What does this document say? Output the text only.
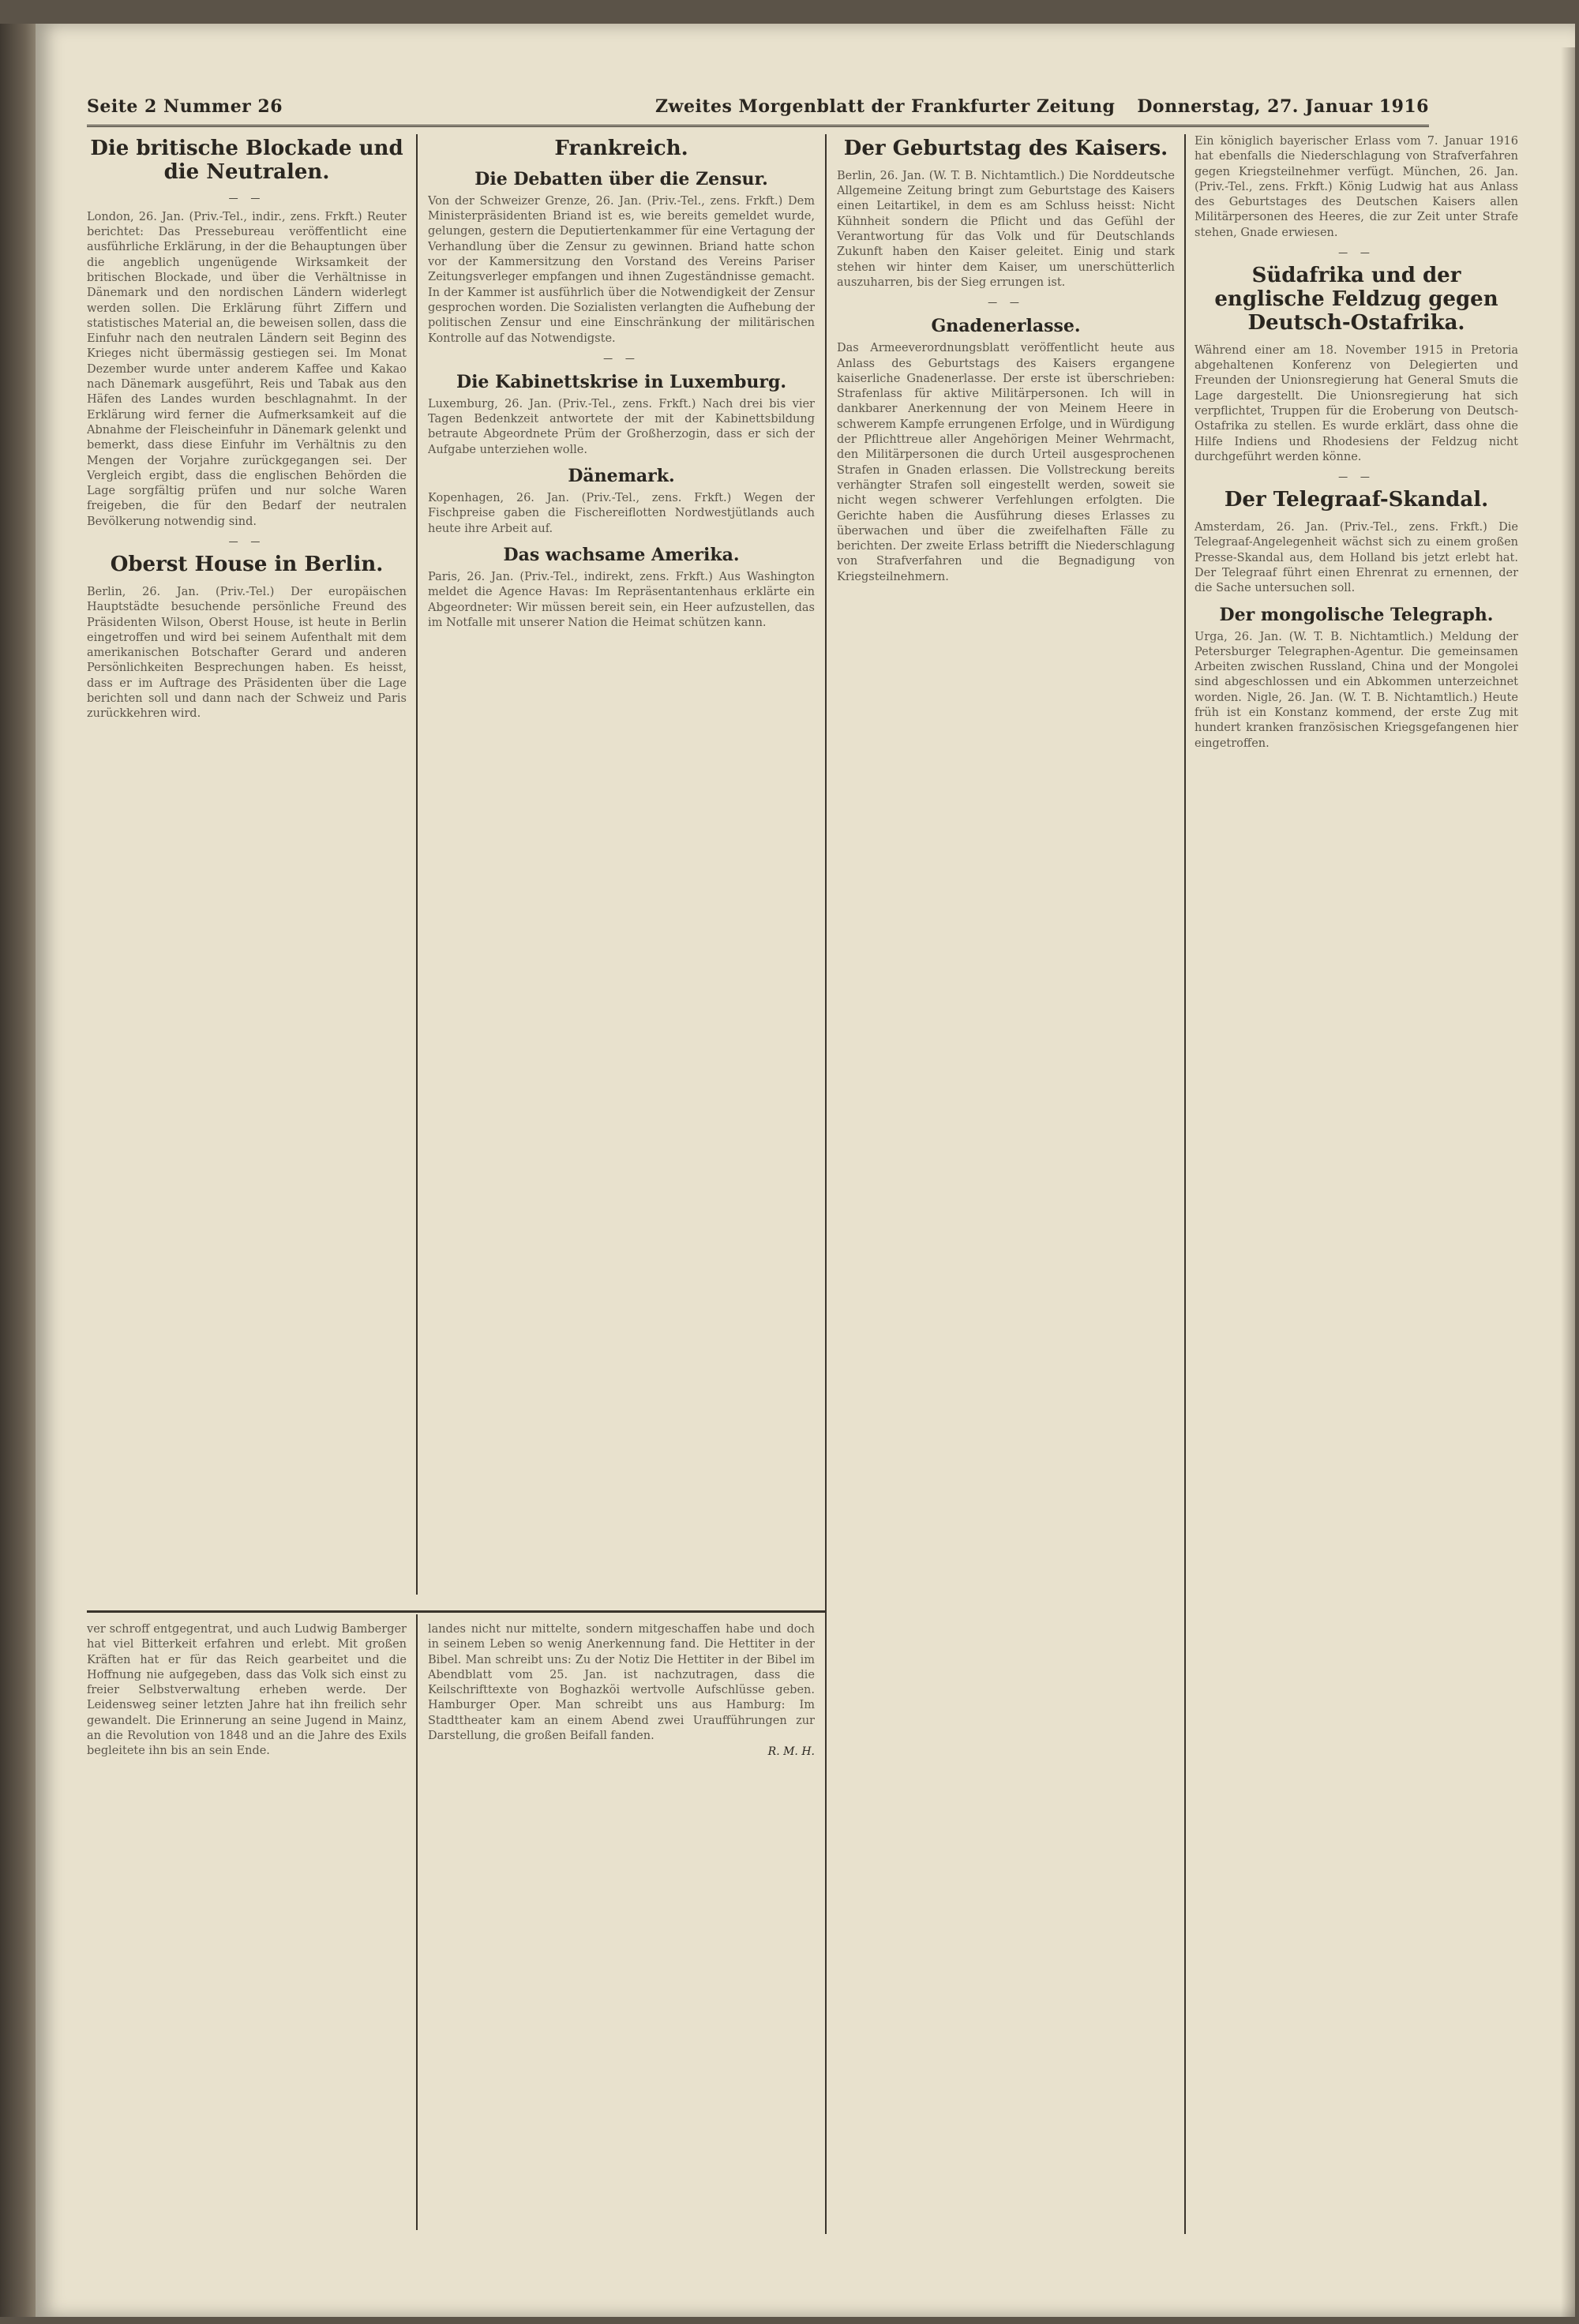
Seite 2 Nummer 26	Zweites Morgenblatt der Frankfurter Zeitung Donnerstag, 27. Januar 1916
Die britische Blockade und die Neutralen.
— —
London, 26. Jan. (Priv.-Tel., indir., zens. Frkft.) Reuter berichtet: Das Pressebureau veröffentlicht eine ausführliche Erklärung, in der die Behauptungen über die angeblich ungenügende Wirksamkeit der britischen Blockade, und über die Verhältnisse in Dänemark und den nordischen Ländern widerlegt werden sollen. Die Erklärung führt Ziffern und statistisches Material an, die beweisen sollen, dass die Einfuhr nach den neutralen Ländern seit Beginn des Krieges nicht übermässig gestiegen sei. Im Monat Dezember wurde unter anderem Kaffee und Kakao nach Dänemark ausgeführt, Reis und Tabak aus den Häfen des Landes wurden beschlagnahmt. In der Erklärung wird ferner die Aufmerksamkeit auf die Abnahme der Fleischeinfuhr in Dänemark gelenkt und bemerkt, dass diese Einfuhr im Verhältnis zu den Mengen der Vorjahre zurückgegangen sei. Der Vergleich ergibt, dass die englischen Behörden die Lage sorgfältig prüfen und nur solche Waren freigeben, die für den Bedarf der neutralen Bevölkerung notwendig sind.
— —
Oberst House in Berlin.
Berlin, 26. Jan. (Priv.-Tel.) Der europäischen Hauptstädte besuchende persönliche Freund des Präsidenten Wilson, Oberst House, ist heute in Berlin eingetroffen und wird bei seinem Aufenthalt mit dem amerikanischen Botschafter Gerard und anderen Persönlichkeiten Besprechungen haben. Es heisst, dass er im Auftrage des Präsidenten über die Lage berichten soll und dann nach der Schweiz und Paris zurückkehren wird.
Frankreich.
Die Debatten über die Zensur.
Von der Schweizer Grenze, 26. Jan. (Priv.-Tel., zens. Frkft.) Dem Ministerpräsidenten Briand ist es, wie bereits gemeldet wurde, gelungen, gestern die Deputiertenkammer für eine Vertagung der Verhandlung über die Zensur zu gewinnen. Briand hatte schon vor der Kammersitzung den Vorstand des Vereins Pariser Zeitungsverleger empfangen und ihnen Zugeständnisse gemacht. In der Kammer ist ausführlich über die Notwendigkeit der Zensur gesprochen worden. Die Sozialisten verlangten die Aufhebung der politischen Zensur und eine Einschränkung der militärischen Kontrolle auf das Notwendigste.
— —
Die Kabinettskrise in Luxemburg.
Luxemburg, 26. Jan. (Priv.-Tel., zens. Frkft.) Nach drei bis vier Tagen Bedenkzeit antwortete der mit der Kabinettsbildung betraute Abgeordnete Prüm der Großherzogin, dass er sich der Aufgabe unterziehen wolle.
Dänemark.
Kopenhagen, 26. Jan. (Priv.-Tel., zens. Frkft.) Wegen der Fischpreise gaben die Fischereiflotten Nordwestjütlands auch heute ihre Arbeit auf.
Das wachsame Amerika.
Paris, 26. Jan. (Priv.-Tel., indirekt, zens. Frkft.) Aus Washington meldet die Agence Havas: Im Repräsentantenhaus erklärte ein Abgeordneter: Wir müssen bereit sein, ein Heer aufzustellen, das im Notfalle mit unserer Nation die Heimat schützen kann.
Der Geburtstag des Kaisers.
Berlin, 26. Jan. (W. T. B. Nichtamtlich.) Die Norddeutsche Allgemeine Zeitung bringt zum Geburtstage des Kaisers einen Leitartikel, in dem es am Schluss heisst: Nicht Kühnheit sondern die Pflicht und das Gefühl der Verantwortung für das Volk und für Deutschlands Zukunft haben den Kaiser geleitet. Einig und stark stehen wir hinter dem Kaiser, um unerschütterlich auszuharren, bis der Sieg errungen ist.
— —
Gnadenerlasse.
Das Armeeverordnungsblatt veröffentlicht heute aus Anlass des Geburtstags des Kaisers ergangene kaiserliche Gnadenerlasse. Der erste ist überschrieben: Strafenlass für aktive Militärpersonen. Ich will in dankbarer Anerkennung der von Meinem Heere in schwerem Kampfe errungenen Erfolge, und in Würdigung der Pflichttreue aller Angehörigen Meiner Wehrmacht, den Militärpersonen die durch Urteil ausgesprochenen Strafen in Gnaden erlassen. Die Vollstreckung bereits verhängter Strafen soll eingestellt werden, soweit sie nicht wegen schwerer Verfehlungen erfolgten. Die Gerichte haben die Ausführung dieses Erlasses zu überwachen und über die zweifelhaften Fälle zu berichten. Der zweite Erlass betrifft die Niederschlagung von Strafverfahren und die Begnadigung von Kriegsteilnehmern.
Ein königlich bayerischer Erlass vom 7. Januar 1916 hat ebenfalls die Niederschlagung von Strafverfahren gegen Kriegsteilnehmer verfügt. München, 26. Jan. (Priv.-Tel., zens. Frkft.) König Ludwig hat aus Anlass des Geburtstages des Deutschen Kaisers allen Militärpersonen des Heeres, die zur Zeit unter Strafe stehen, Gnade erwiesen.
— —
Südafrika und der englische Feldzug gegen Deutsch-Ostafrika.
Während einer am 18. November 1915 in Pretoria abgehaltenen Konferenz von Delegierten und Freunden der Unionsregierung hat General Smuts die Lage dargestellt. Die Unionsregierung hat sich verpflichtet, Truppen für die Eroberung von Deutsch-Ostafrika zu stellen. Es wurde erklärt, dass ohne die Hilfe Indiens und Rhodesiens der Feldzug nicht durchgeführt werden könne.
— —
Der Telegraaf-Skandal.
Amsterdam, 26. Jan. (Priv.-Tel., zens. Frkft.) Die Telegraaf-Angelegenheit wächst sich zu einem großen Presse-Skandal aus, dem Holland bis jetzt erlebt hat. Der Telegraaf führt einen Ehrenrat zu ernennen, der die Sache untersuchen soll.
Der mongolische Telegraph.
Urga, 26. Jan. (W. T. B. Nichtamtlich.) Meldung der Petersburger Telegraphen-Agentur. Die gemeinsamen Arbeiten zwischen Russland, China und der Mongolei sind abgeschlossen und ein Abkommen unterzeichnet worden. Nigle, 26. Jan. (W. T. B. Nichtamtlich.) Heute früh ist ein Konstanz kommend, der erste Zug mit hundert kranken französischen Kriegsgefangenen hier eingetroffen.
ver schroff entgegentrat, und auch Ludwig Bamberger hat viel Bitterkeit erfahren und erlebt. Mit großen Kräften hat er für das Reich gearbeitet und die Hoffnung nie aufgegeben, dass das Volk sich einst zu freier Selbstverwaltung erheben werde. Der Leidensweg seiner letzten Jahre hat ihn freilich sehr gewandelt. Die Erinnerung an seine Jugend in Mainz, an die Revolution von 1848 und an die Jahre des Exils begleitete ihn bis an sein Ende.
landes nicht nur mittelte, sondern mitgeschaffen habe und doch in seinem Leben so wenig Anerkennung fand. Die Hettiter in der Bibel. Man schreibt uns: Zu der Notiz Die Hettiter in der Bibel im Abendblatt vom 25. Jan. ist nachzutragen, dass die Keilschrifttexte von Boghazköi wertvolle Aufschlüsse geben. Hamburger Oper. Man schreibt uns aus Hamburg: Im Stadttheater kam an einem Abend zwei Uraufführungen zur Darstellung, die großen Beifall fanden.
R. M. H.
